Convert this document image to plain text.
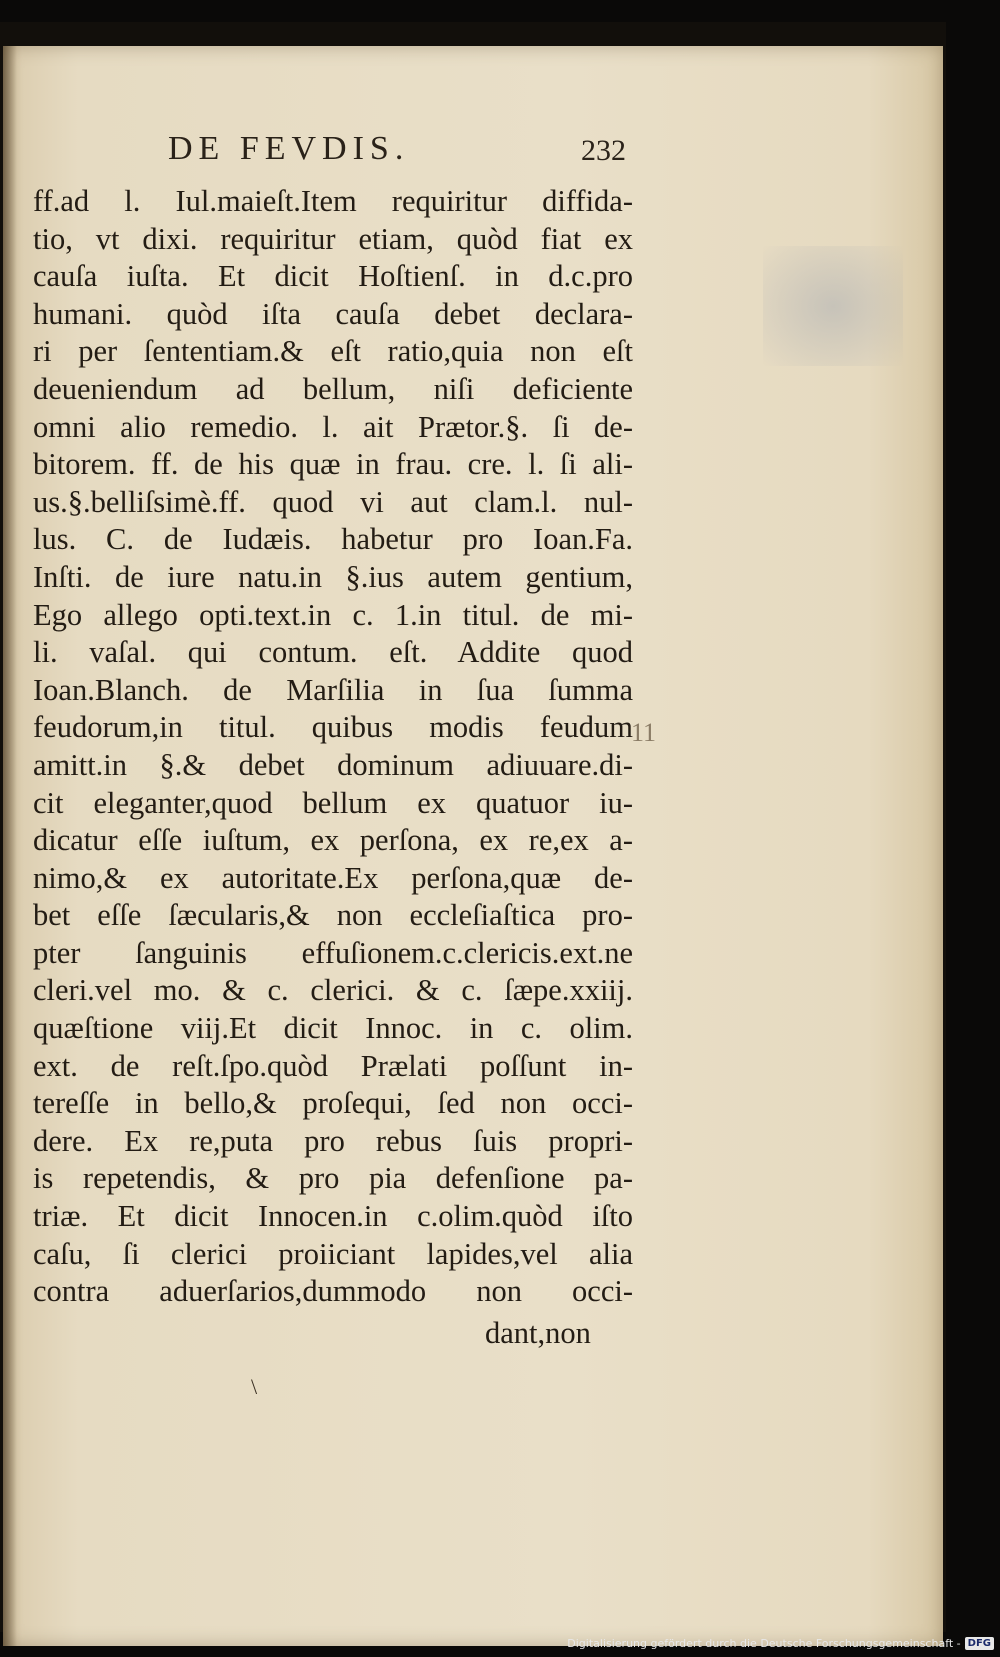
DE FEVDIS.	232
ff.ad l. Iul.maieſt.Item requiritur diffida-
tio, vt dixi. requiritur etiam, quòd fiat ex
cauſa iuſta. Et dicit Hoſtienſ. in d.c.pro
humani. quòd iſta cauſa debet declara-
ri per ſententiam.& eſt ratio,quia non eſt
deueniendum ad bellum, niſi deficiente
omni alio remedio. l. ait Prætor.§. ſi de-
bitorem. ff. de his quæ in frau. cre. l. ſi ali-
us.§.belliſsimè.ff. quod vi aut clam.l. nul-
lus. C. de Iudæis. habetur pro Ioan.Fa.
Inſti. de iure natu.in §.ius autem gentium,
Ego allego opti.text.in c. 1.in titul. de mi-
li. vaſal. qui contum. eſt. Addite quod
Ioan.Blanch. de Marſilia in ſua ſumma
feudorum,in titul. quibus modis feudum
amitt.in §.& debet dominum adiuuare.di-
cit eleganter,quod bellum ex quatuor iu-
dicatur eſſe iuſtum, ex perſona, ex re,ex a-
nimo,& ex autoritate.Ex perſona,quæ de-
bet eſſe ſæcularis,& non eccleſiaſtica pro-
pter ſanguinis effuſionem.c.clericis.ext.ne
cleri.vel mo. & c. clerici. & c. ſæpe.xxiij.
quæſtione viij.Et dicit Innoc. in c. olim.
ext. de reſt.ſpo.quòd Prælati poſſunt in-
tereſſe in bello,& proſequi, ſed non occi-
dere. Ex re,puta pro rebus ſuis propri-
is repetendis, & pro pia defenſione pa-
triæ. Et dicit Innocen.in c.olim.quòd iſto
caſu, ſi clerici proiiciant lapides,vel alia
contra aduerſarios,dummodo non occi-
11
dant,non
\
Digitalisierung gefördert durch die Deutsche Forschungsgemeinschaft - DFG
